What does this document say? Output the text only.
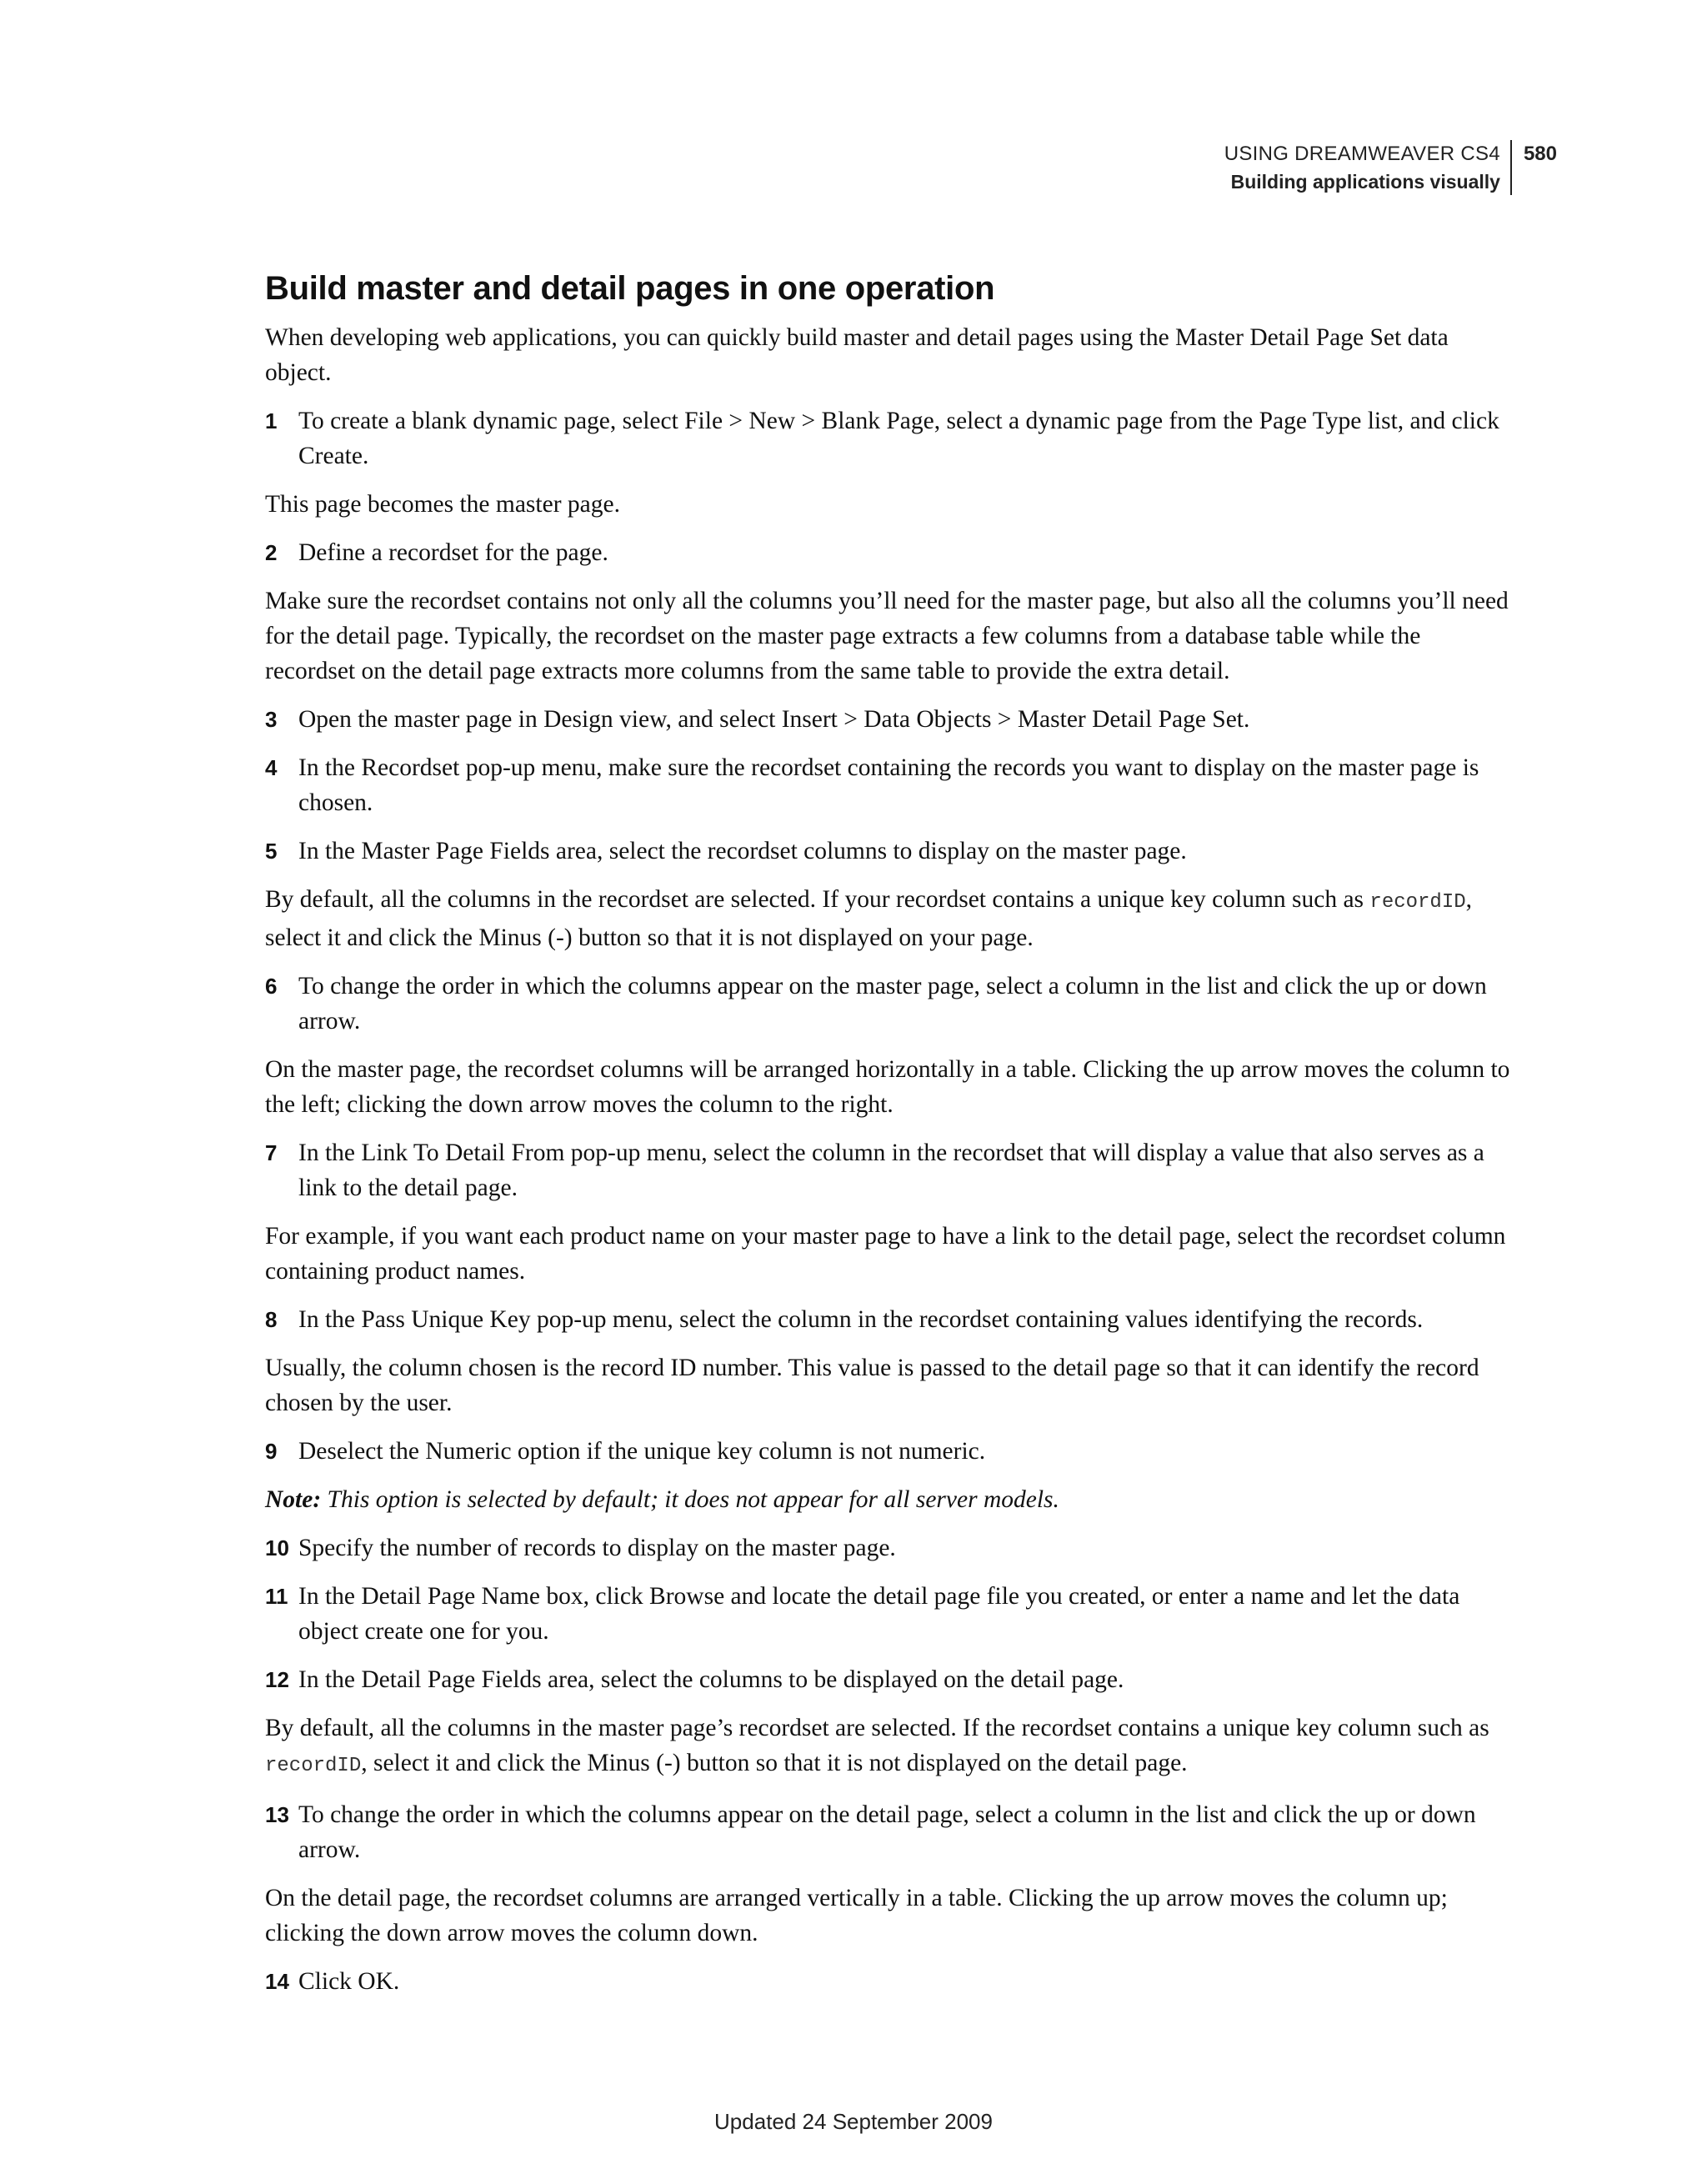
USING DREAMWEAVER CS4
Building applications visually
580
Build master and detail pages in one operation

When developing web applications, you can quickly build master and detail pages using the Master Detail Page Set data object.

1 To create a blank dynamic page, select File > New > Blank Page, select a dynamic page from the Page Type list, and click Create.

This page becomes the master page.

2 Define a recordset for the page.

Make sure the recordset contains not only all the columns you’ll need for the master page, but also all the columns you’ll need for the detail page. Typically, the recordset on the master page extracts a few columns from a database table while the recordset on the detail page extracts more columns from the same table to provide the extra detail.

3 Open the master page in Design view, and select Insert > Data Objects > Master Detail Page Set.

4 In the Recordset pop-up menu, make sure the recordset containing the records you want to display on the master page is chosen.

5 In the Master Page Fields area, select the recordset columns to display on the master page.

By default, all the columns in the recordset are selected. If your recordset contains a unique key column such as recordID, select it and click the Minus (-) button so that it is not displayed on your page.

6 To change the order in which the columns appear on the master page, select a column in the list and click the up or down arrow.

On the master page, the recordset columns will be arranged horizontally in a table. Clicking the up arrow moves the column to the left; clicking the down arrow moves the column to the right.

7 In the Link To Detail From pop-up menu, select the column in the recordset that will display a value that also serves as a link to the detail page.

For example, if you want each product name on your master page to have a link to the detail page, select the recordset column containing product names.

8 In the Pass Unique Key pop-up menu, select the column in the recordset containing values identifying the records.

Usually, the column chosen is the record ID number. This value is passed to the detail page so that it can identify the record chosen by the user.

9 Deselect the Numeric option if the unique key column is not numeric.

Note: This option is selected by default; it does not appear for all server models.

10 Specify the number of records to display on the master page.

11 In the Detail Page Name box, click Browse and locate the detail page file you created, or enter a name and let the data object create one for you.

12 In the Detail Page Fields area, select the columns to be displayed on the detail page.

By default, all the columns in the master page’s recordset are selected. If the recordset contains a unique key column such as recordID, select it and click the Minus (-) button so that it is not displayed on the detail page.

13 To change the order in which the columns appear on the detail page, select a column in the list and click the up or down arrow.

On the detail page, the recordset columns are arranged vertically in a table. Clicking the up arrow moves the column up; clicking the down arrow moves the column down.

14 Click OK.

Updated 24 September 2009
